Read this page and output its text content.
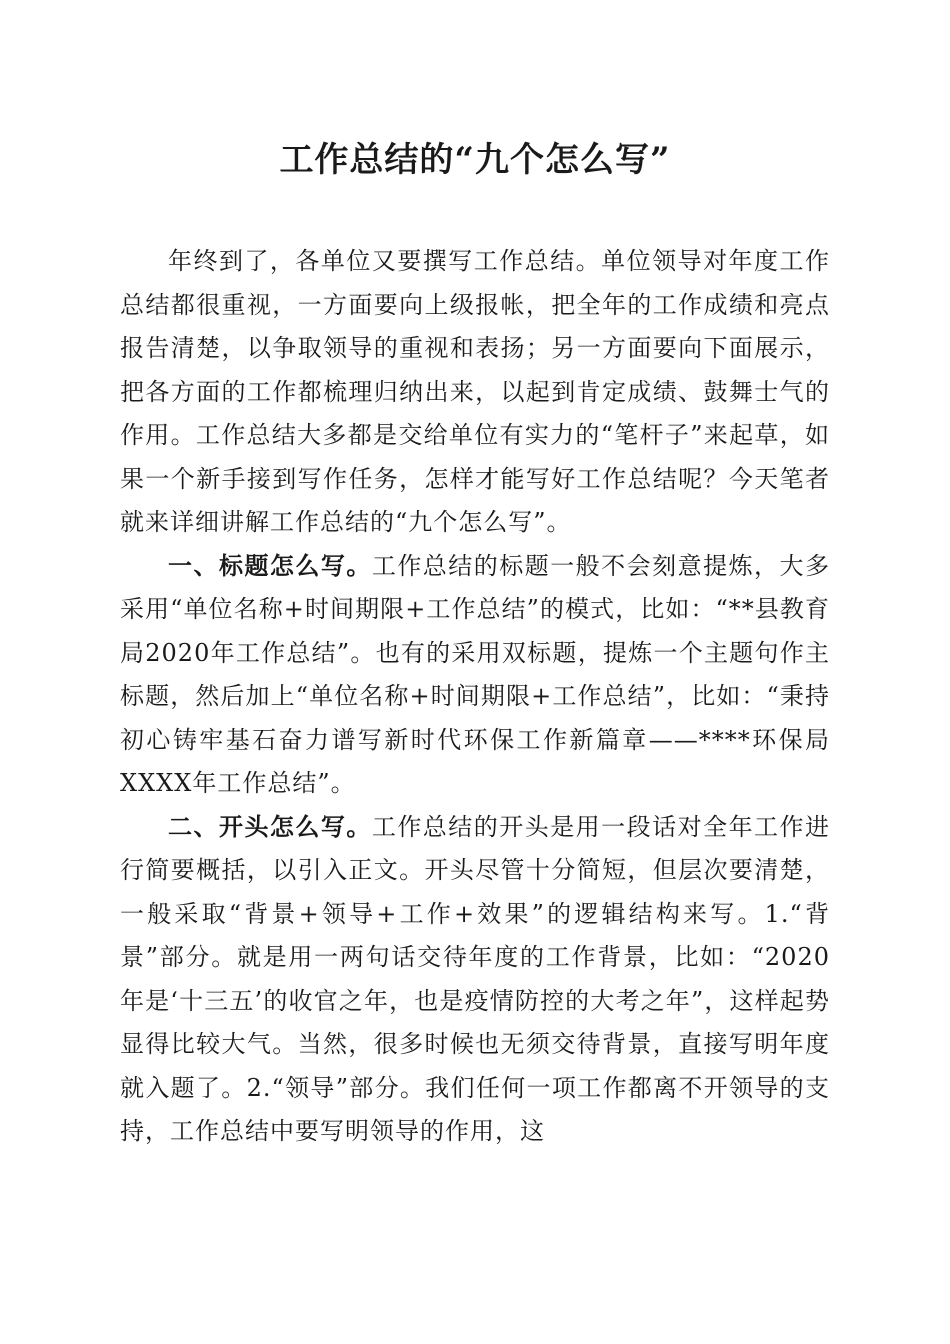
工作总结的“九个怎么写”

年终到了，各单位又要撰写工作总结。单位领导对年度工作总结都很重视，一方面要向上级报帐，把全年的工作成绩和亮点报告清楚，以争取领导的重视和表扬；另一方面要向下面展示，把各方面的工作都梳理归纳出来，以起到肯定成绩、鼓舞士气的作用。工作总结大多都是交给单位有实力的“笔杆子”来起草，如果一个新手接到写作任务，怎样才能写好工作总结呢？今天笔者就来详细讲解工作总结的“九个怎么写”。

一、标题怎么写。工作总结的标题一般不会刻意提炼，大多采用“单位名称+时间期限+工作总结”的模式，比如：“**县教育局2020年工作总结”。也有的采用双标题，提炼一个主题句作主标题，然后加上“单位名称+时间期限+工作总结”，比如：“秉持初心铸牢基石奋力谱写新时代环保工作新篇章——****环保局XXXX年工作总结”。

二、开头怎么写。工作总结的开头是用一段话对全年工作进行简要概括，以引入正文。开头尽管十分简短，但层次要清楚，一般采取“背景+领导+工作+效果”的逻辑结构来写。1.“背景”部分。就是用一两句话交待年度的工作背景，比如：“2020年是‘十三五’的收官之年，也是疫情防控的大考之年”，这样起势显得比较大气。当然，很多时候也无须交待背景，直接写明年度就入题了。2.“领导”部分。我们任何一项工作都离不开领导的支持，工作总结中要写明领导的作用，这
